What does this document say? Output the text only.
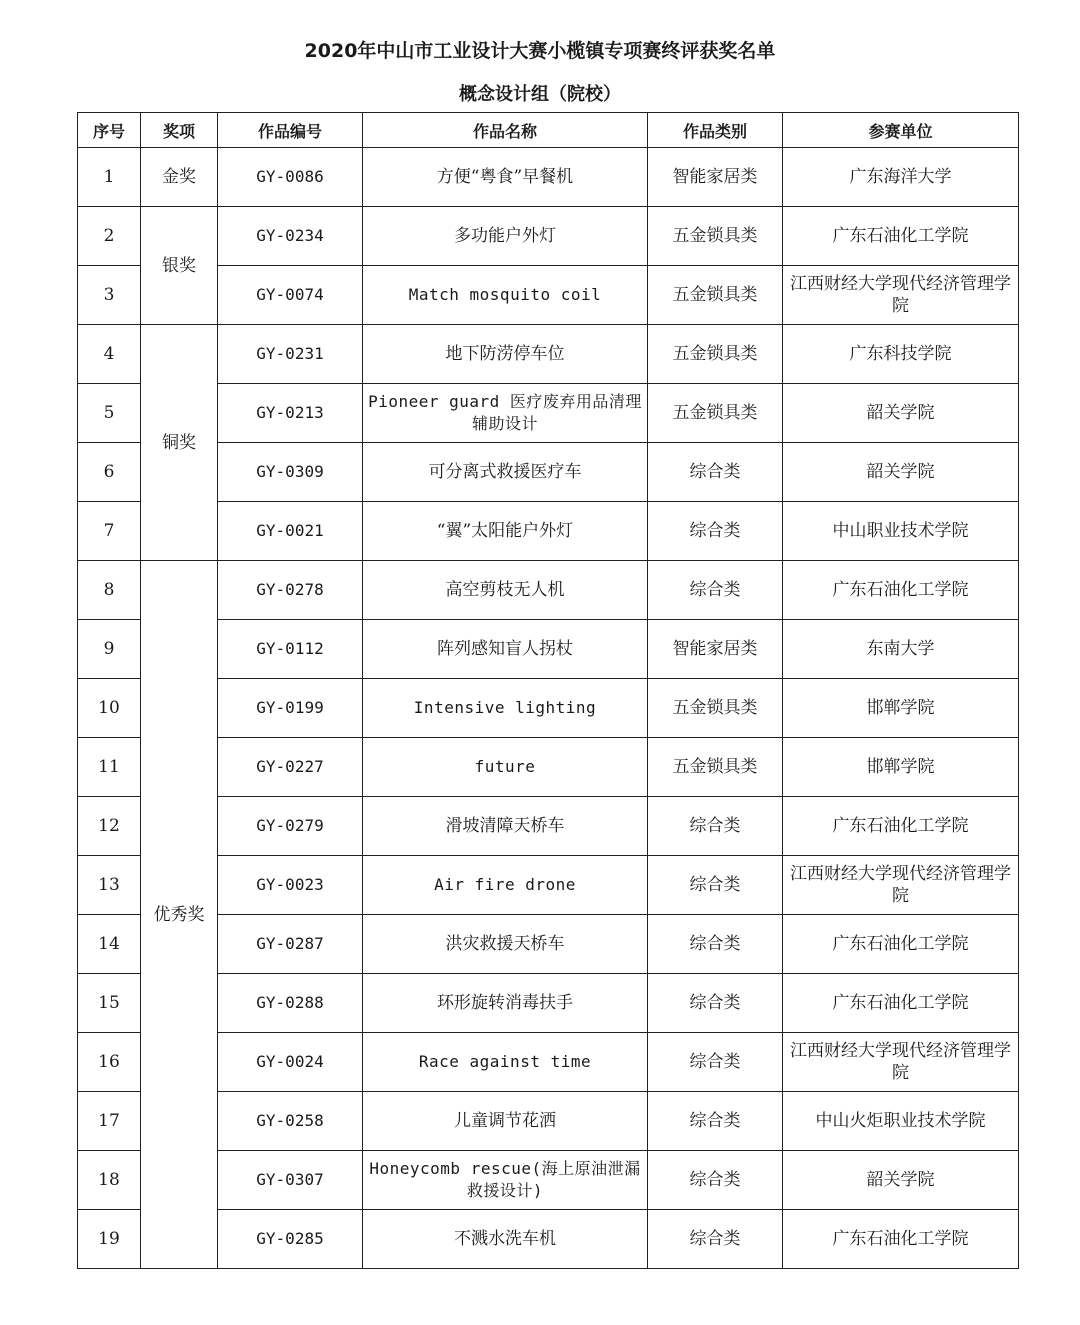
2020年中山市工业设计大赛小榄镇专项赛终评获奖名单
概念设计组（院校）
序号	奖项	作品编号	作品名称	作品类别	参赛单位
1	金奖	GY-0086	方便“粤食”早餐机	智能家居类	广东海洋大学
2	银奖	GY-0234	多功能户外灯	五金锁具类	广东石油化工学院
3		GY-0074	Match mosquito coil	五金锁具类	江西财经大学现代经济管理学院
4	铜奖	GY-0231	地下防涝停车位	五金锁具类	广东科技学院
5		GY-0213	Pioneer guard 医疗废弃用品清理辅助设计	五金锁具类	韶关学院
6		GY-0309	可分离式救援医疗车	综合类	韶关学院
7		GY-0021	“翼”太阳能户外灯	综合类	中山职业技术学院
8	优秀奖	GY-0278	高空剪枝无人机	综合类	广东石油化工学院
9		GY-0112	阵列感知盲人拐杖	智能家居类	东南大学
10		GY-0199	Intensive lighting	五金锁具类	邯郸学院
11		GY-0227	future	五金锁具类	邯郸学院
12		GY-0279	滑坡清障天桥车	综合类	广东石油化工学院
13		GY-0023	Air fire drone	综合类	江西财经大学现代经济管理学院
14		GY-0287	洪灾救援天桥车	综合类	广东石油化工学院
15		GY-0288	环形旋转消毒扶手	综合类	广东石油化工学院
16		GY-0024	Race against time	综合类	江西财经大学现代经济管理学院
17		GY-0258	儿童调节花洒	综合类	中山火炬职业技术学院
18		GY-0307	Honeycomb rescue(海上原油泄漏救援设计)	综合类	韶关学院
19		GY-0285	不溅水洗车机	综合类	广东石油化工学院
